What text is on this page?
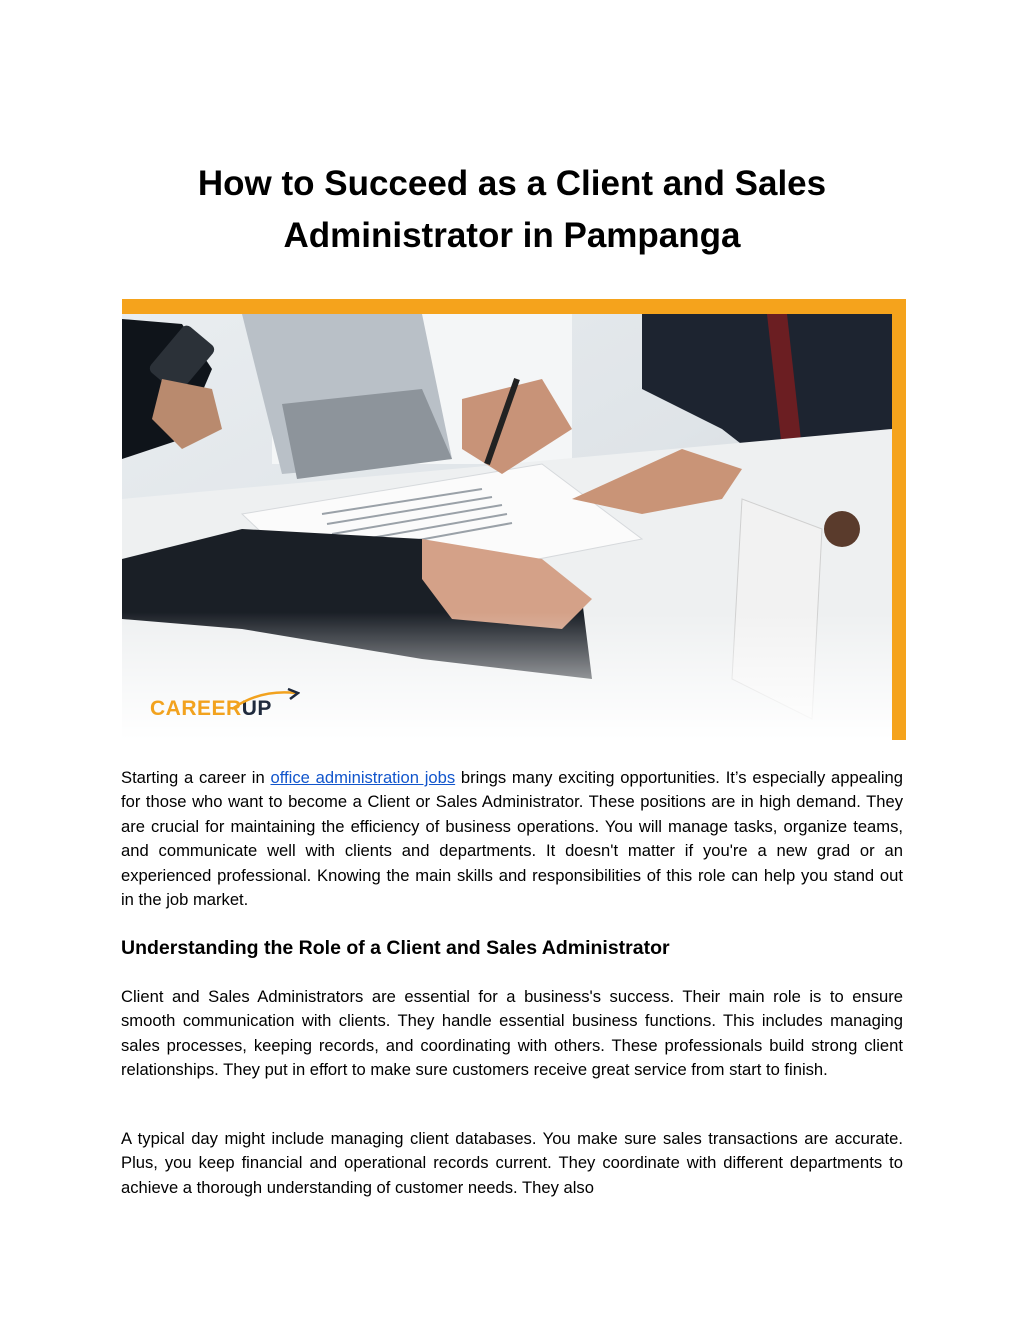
How to Succeed as a Client and Sales
Administrator in Pampanga
CAREER UP

Starting a career in office administration jobs brings many exciting opportunities. It’s especially appealing for those who want to become a Client or Sales Administrator. These positions are in high demand. They are crucial for maintaining the efficiency of business operations. You will manage tasks, organize teams, and communicate well with clients and departments. It doesn't matter if you're a new grad or an experienced professional. Knowing the main skills and responsibilities of this role can help you stand out in the job market.

Understanding the Role of a Client and Sales Administrator

Client and Sales Administrators are essential for a business's success. Their main role is to ensure smooth communication with clients. They handle essential business functions. This includes managing sales processes, keeping records, and coordinating with others. These professionals build strong client relationships. They put in effort to make sure customers receive great service from start to finish.

A typical day might include managing client databases. You make sure sales transactions are accurate. Plus, you keep financial and operational records current. They coordinate with different departments to achieve a thorough understanding of customer needs. They also
